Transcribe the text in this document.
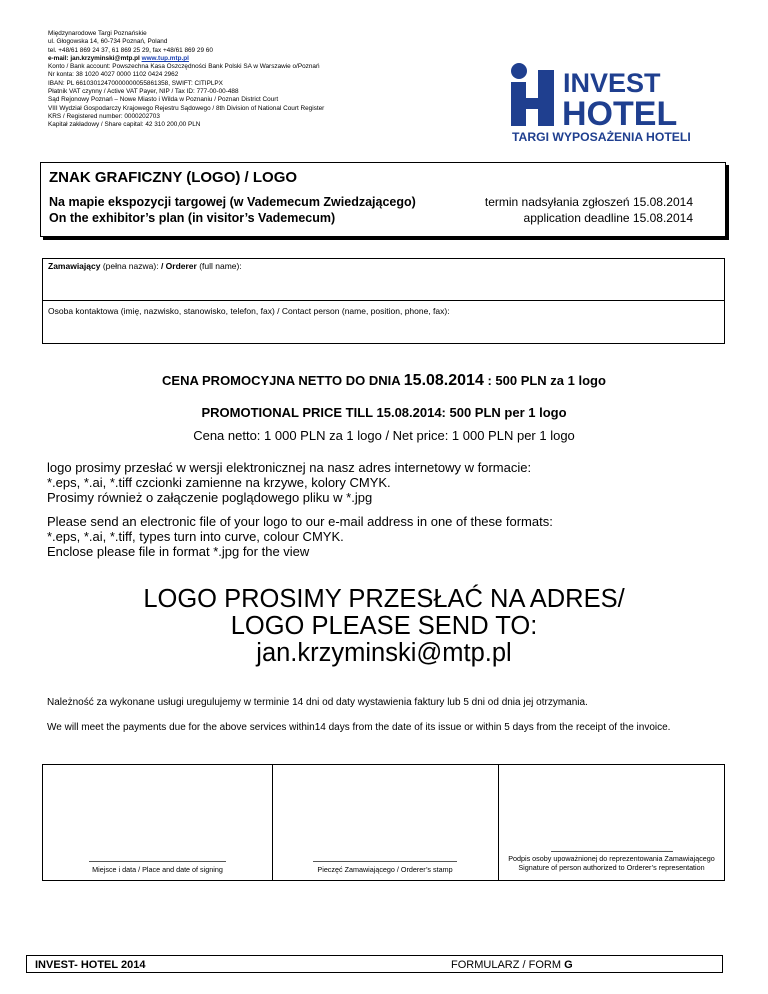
Międzynarodowe Targi Poznańskie
ul. Głogowska 14, 60-734 Poznań, Poland
tel. +48/61 869 24 37, 61 869 25 29, fax +48/61 869 29 60
e-mail: jan.krzyminski@mtp.pl www.tup.mtp.pl
Konto / Bank account: Powszechna Kasa Oszczędności Bank Polski SA w Warszawie o/Poznań
Nr konta: 38 1020 4027 0000 1102 0424 2962
IBAN: PL 66103012470000000055861358, SWIFT: CITIPLPX
Płatnik VAT czynny / Active VAT Payer, NIP / Tax ID: 777-00-00-488
Sąd Rejonowy Poznań – Nowe Miasto i Wilda w Poznaniu / Poznan District Court
VIII Wydział Gospodarczy Krajowego Rejestru Sądowego / 8th Division of National Court Register
KRS / Registered number: 0000202703
Kapitał zakładowy / Share capital: 42 310 200,00 PLN
INVEST
HOTEL
TARGI WYPOSAŻENIA HOTELI
ZNAK GRAFICZNY (LOGO) / LOGO
Na mapie ekspozycji targowej (w Vademecum Zwiedzającego)
On the exhibitor’s plan (in visitor’s Vademecum)
termin nadsyłania zgłoszeń 15.08.2014
application deadline 15.08.2014
Zamawiający (pełna nazwa): / Orderer (full name):
Osoba kontaktowa (imię, nazwisko, stanowisko, telefon, fax) / Contact person (name, position, phone, fax):
CENA PROMOCYJNA NETTO DO DNIA 15.08.2014 : 500 PLN za 1 logo
PROMOTIONAL PRICE TILL 15.08.2014: 500 PLN per 1 logo
Cena netto: 1 000 PLN za 1 logo / Net price: 1 000 PLN per 1 logo
logo prosimy przesłać w wersji elektronicznej na nasz adres internetowy w formacie:
*.eps, *.ai, *.tiff czcionki zamienne na krzywe, kolory CMYK.
Prosimy również o załączenie poglądowego pliku w *.jpg
Please send an electronic file of your logo to our e-mail address in one of these formats:
*.eps, *.ai, *.tiff, types turn into curve, colour CMYK.
Enclose please file in format *.jpg for the view
LOGO PROSIMY PRZESŁAĆ NA ADRES/
LOGO PLEASE SEND TO:
jan.krzyminski@mtp.pl
Należność za wykonane usługi uregulujemy w terminie 14 dni od daty wystawienia faktury lub 5 dni od dnia jej otrzymania.
We will meet the payments due for the above services within14 days from the date of its issue or within 5 days from the receipt of the invoice.
Miejsce i data / Place and date of signing	Pieczęć Zamawiającego / Orderer’s stamp
Podpis osoby upoważnionej do reprezentowania Zamawiającego
Signature of person authorized to Orderer’s representation
INVEST- HOTEL 2014	FORMULARZ / FORM G
